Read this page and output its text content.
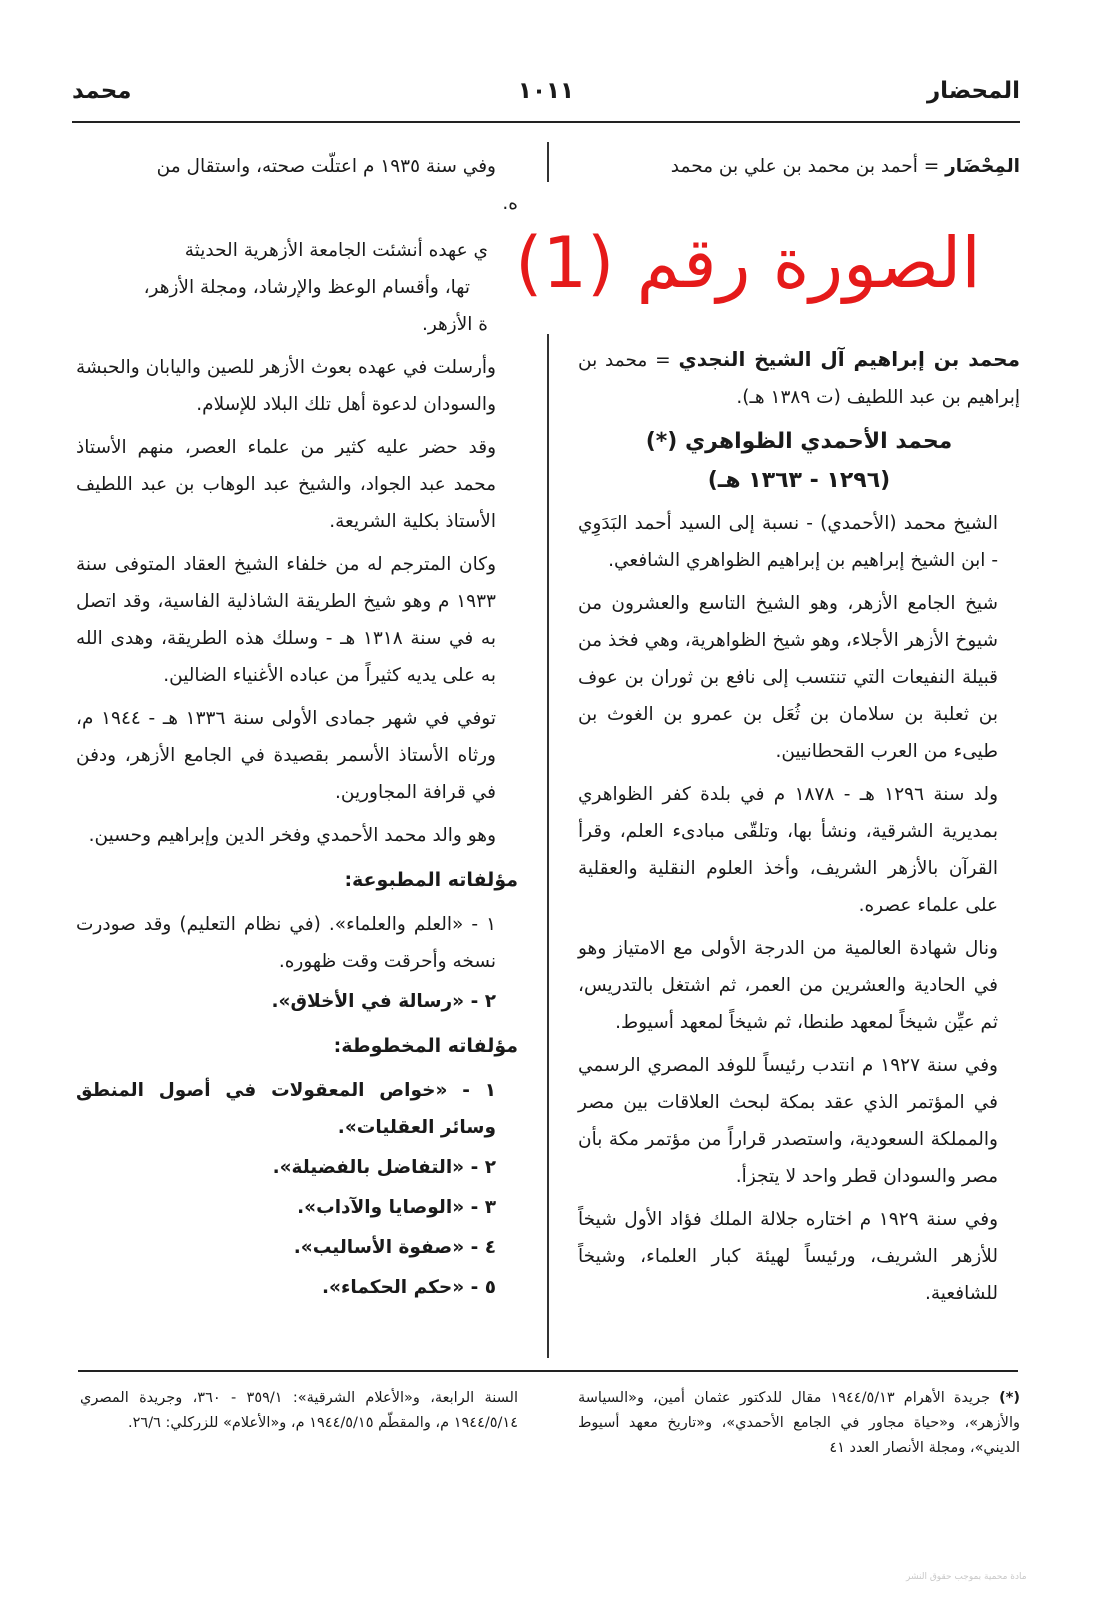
المحضار
١٠١١
محمد

المِحْضَار = أحمد بن محمد بن علي بن محمد

محمد بن إبراهيم آل الشيخ النجدي = محمد بن إبراهيم بن عبد اللطيف (ت ١٣٨٩ هـ).

محمد الأحمدي الظواهري (*)

(١٢٩٦ - ١٣٦٣ هـ)

الشيخ محمد (الأحمدي) - نسبة إلى السيد أحمد البَدَوِي - ابن الشيخ إبراهيم بن إبراهيم الظواهري الشافعي.

شيخ الجامع الأزهر، وهو الشيخ التاسع والعشرون من شيوخ الأزهر الأجلاء، وهو شيخ الظواهرية، وهي فخذ من قبيلة النفيعات التي تنتسب إلى نافع بن ثوران بن عوف بن ثعلبة بن سلامان بن ثُعَل بن عمرو بن الغوث بن طيىء من العرب القحطانيين.

ولد سنة ١٢٩٦ هـ - ١٨٧٨ م في بلدة كفر الظواهري بمديرية الشرقية، ونشأ بها، وتلقّى مبادىء العلم، وقرأ القرآن بالأزهر الشريف، وأخذ العلوم النقلية والعقلية على علماء عصره.

ونال شهادة العالمية من الدرجة الأولى مع الامتياز وهو في الحادية والعشرين من العمر، ثم اشتغل بالتدريس، ثم عيِّن شيخاً لمعهد طنطا، ثم شيخاً لمعهد أسيوط.

وفي سنة ١٩٢٧ م انتدب رئيساً للوفد المصري الرسمي في المؤتمر الذي عقد بمكة لبحث العلاقات بين مصر والمملكة السعودية، واستصدر قراراً من مؤتمر مكة بأن مصر والسودان قطر واحد لا يتجزأ.

وفي سنة ١٩٢٩ م اختاره جلالة الملك فؤاد الأول شيخاً للأزهر الشريف، ورئيساً لهيئة كبار العلماء، وشيخاً للشافعية.

وفي سنة ١٩٣٥ م اعتلّت صحته، واستقال من

ه.

ي عهده أنشئت الجامعة الأزهرية الحديثة

تها، وأقسام الوعظ والإرشاد، ومجلة الأزهر،

ة الأزهر.

وأرسلت في عهده بعوث الأزهر للصين واليابان والحبشة والسودان لدعوة أهل تلك البلاد للإسلام.

وقد حضر عليه كثير من علماء العصر، منهم الأستاذ محمد عبد الجواد، والشيخ عبد الوهاب بن عبد اللطيف الأستاذ بكلية الشريعة.

وكان المترجم له من خلفاء الشيخ العقاد المتوفى سنة ١٩٣٣ م وهو شيخ الطريقة الشاذلية الفاسية، وقد اتصل به في سنة ١٣١٨ هـ - وسلك هذه الطريقة، وهدى الله به على يديه كثيراً من عباده الأغنياء الضالين.

توفي في شهر جمادى الأولى سنة ١٣٣٦ هـ - ١٩٤٤ م، ورثاه الأستاذ الأسمر بقصيدة في الجامع الأزهر، ودفن في قرافة المجاورين.

وهو والد محمد الأحمدي وفخر الدين وإبراهيم وحسين.

مؤلفاته المطبوعة:
١ - «العلم والعلماء». (في نظام التعليم) وقد صودرت نسخه وأحرقت وقت ظهوره.
٢ - «رسالة في الأخلاق».
مؤلفاته المخطوطة:
١ - «خواص المعقولات في أصول المنطق وسائر العقليات».
٢ - «التفاضل بالفضيلة».
٣ - «الوصايا والآداب».
٤ - «صفوة الأساليب».
٥ - «حكم الحكماء».
الصورة رقم (1)
(*) جريدة الأهرام ١٩٤٤/٥/١٣ مقال للدكتور عثمان أمين، و«السياسة والأزهر»، و«حياة مجاور في الجامع الأحمدي»، و«تاريخ معهد أسيوط الديني»، ومجلة الأنصار العدد ٤١
السنة الرابعة، و«الأعلام الشرقية»: ٣٥٩/١ - ٣٦٠، وجريدة المصري ١٩٤٤/٥/١٤ م، والمقطّم ١٩٤٤/٥/١٥ م، و«الأعلام» للزركلي: ٢٦/٦.
مادة محمية بموجب حقوق النشر
